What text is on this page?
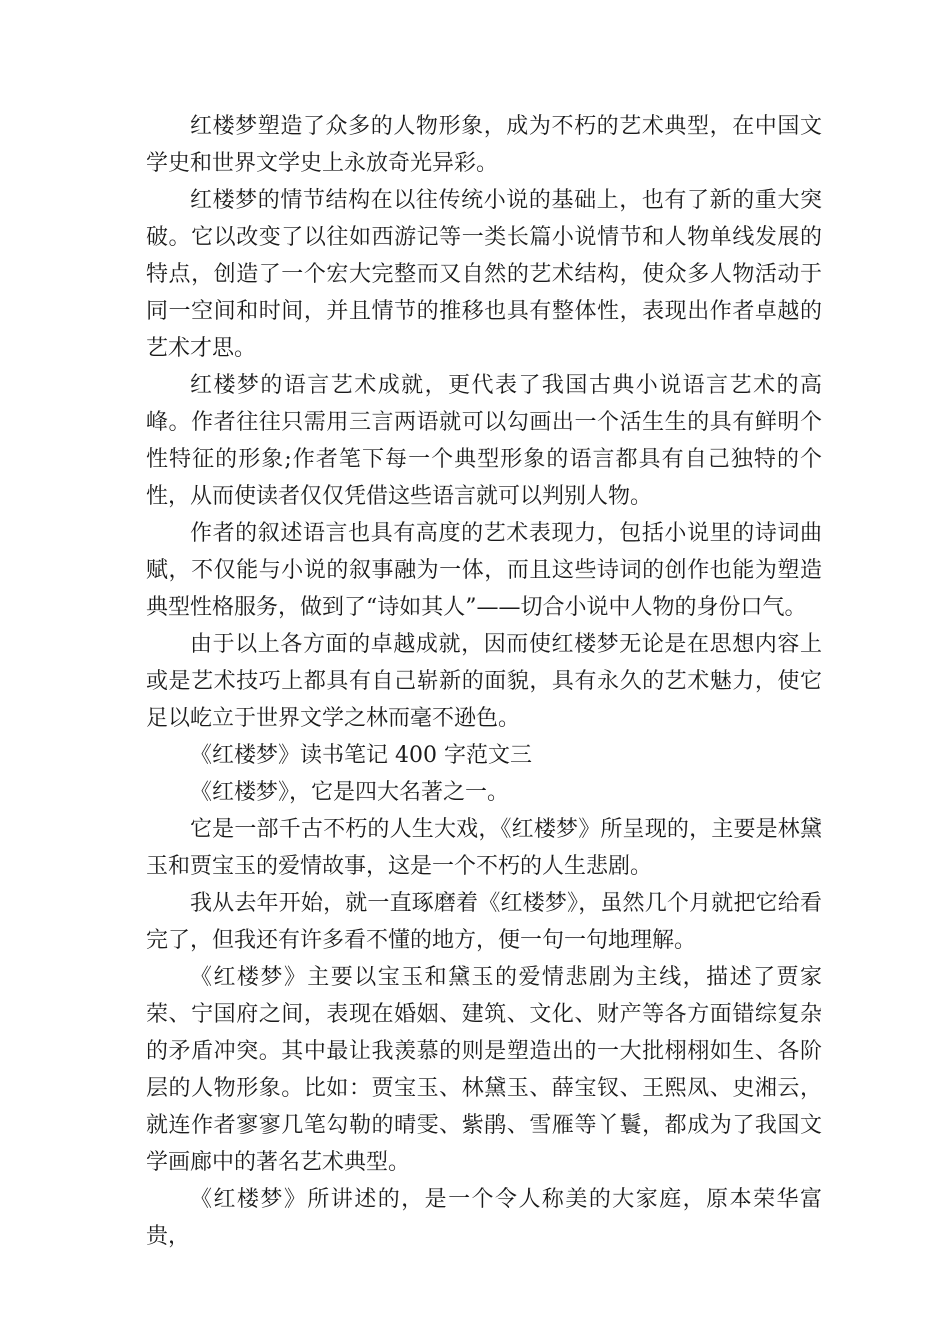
红楼梦塑造了众多的人物形象，成为不朽的艺术典型，在中国文学史和世界文学史上永放奇光异彩。

红楼梦的情节结构在以往传统小说的基础上，也有了新的重大突破。它以改变了以往如西游记等一类长篇小说情节和人物单线发展的特点，创造了一个宏大完整而又自然的艺术结构，使众多人物活动于同一空间和时间，并且情节的推移也具有整体性，表现出作者卓越的艺术才思。

红楼梦的语言艺术成就，更代表了我国古典小说语言艺术的高峰。作者往往只需用三言两语就可以勾画出一个活生生的具有鲜明个性特征的形象;作者笔下每一个典型形象的语言都具有自己独特的个性，从而使读者仅仅凭借这些语言就可以判别人物。

作者的叙述语言也具有高度的艺术表现力，包括小说里的诗词曲赋，不仅能与小说的叙事融为一体，而且这些诗词的创作也能为塑造典型性格服务，做到了“诗如其人”——切合小说中人物的身份口气。

由于以上各方面的卓越成就，因而使红楼梦无论是在思想内容上或是艺术技巧上都具有自己崭新的面貌，具有永久的艺术魅力，使它足以屹立于世界文学之林而毫不逊色。

《红楼梦》读书笔记 400 字范文三

《红楼梦》，它是四大名著之一。

它是一部千古不朽的人生大戏，《红楼梦》所呈现的，主要是林黛玉和贾宝玉的爱情故事，这是一个不朽的人生悲剧。

我从去年开始，就一直琢磨着《红楼梦》，虽然几个月就把它给看完了，但我还有许多看不懂的地方，便一句一句地理解。

《红楼梦》主要以宝玉和黛玉的爱情悲剧为主线，描述了贾家荣、宁国府之间，表现在婚姻、建筑、文化、财产等各方面错综复杂的矛盾冲突。其中最让我羡慕的则是塑造出的一大批栩栩如生、各阶层的人物形象。比如：贾宝玉、林黛玉、薛宝钗、王熙凤、史湘云，就连作者寥寥几笔勾勒的晴雯、紫鹃、雪雁等丫鬟，都成为了我国文学画廊中的著名艺术典型。

《红楼梦》所讲述的，是一个令人称美的大家庭，原本荣华富贵，
